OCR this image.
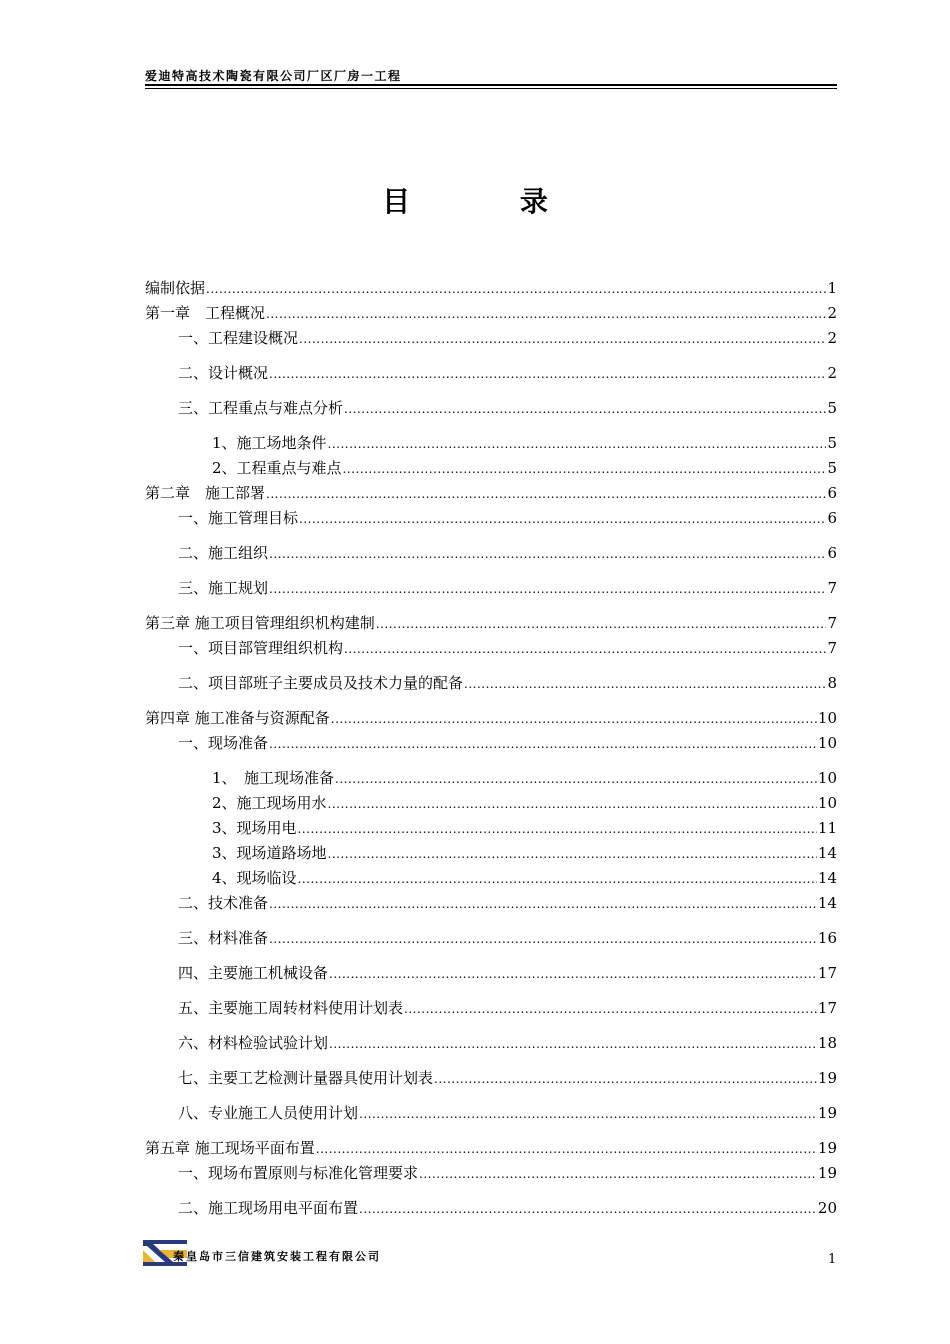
爱迪特高技术陶瓷有限公司厂区厂房一工程
目 录
编制依据 .....	1
第一章　工程概况 .....	2
一、工程建设概况 .....	2
二、设计概况 .....	2
三、工程重点与难点分析 .....	5
1、施工场地条件 .....	5
2、工程重点与难点 .....	5
第二章　施工部署 .....	6
一、施工管理目标 .....	6
二、施工组织 .....	6
三、施工规划 .....	7
第三章 施工项目管理组织机构建制 .....	7
一、项目部管理组织机构 .....	7
二、项目部班子主要成员及技术力量的配备 .....	8
第四章 施工准备与资源配备 .....	10
一、现场准备 .....	10
1、　施工现场准备 .....	10
2、施工现场用水 .....	10
3、现场用电 .....	11
3、现场道路场地 .....	14
4、现场临设 .....	14
二、技术准备 .....	14
三、材料准备 .....	16
四、主要施工机械设备 .....	17
五、主要施工周转材料使用计划表 .....	17
六、材料检验试验计划 .....	18
七、主要工艺检测计量器具使用计划表 .....	19
八、专业施工人员使用计划 .....	19
第五章 施工现场平面布置 .....	19
一、现场布置原则与标准化管理要求 .....	19
二、施工现场用电平面布置 .....	20
秦皇岛市三信建筑安装工程有限公司	1
